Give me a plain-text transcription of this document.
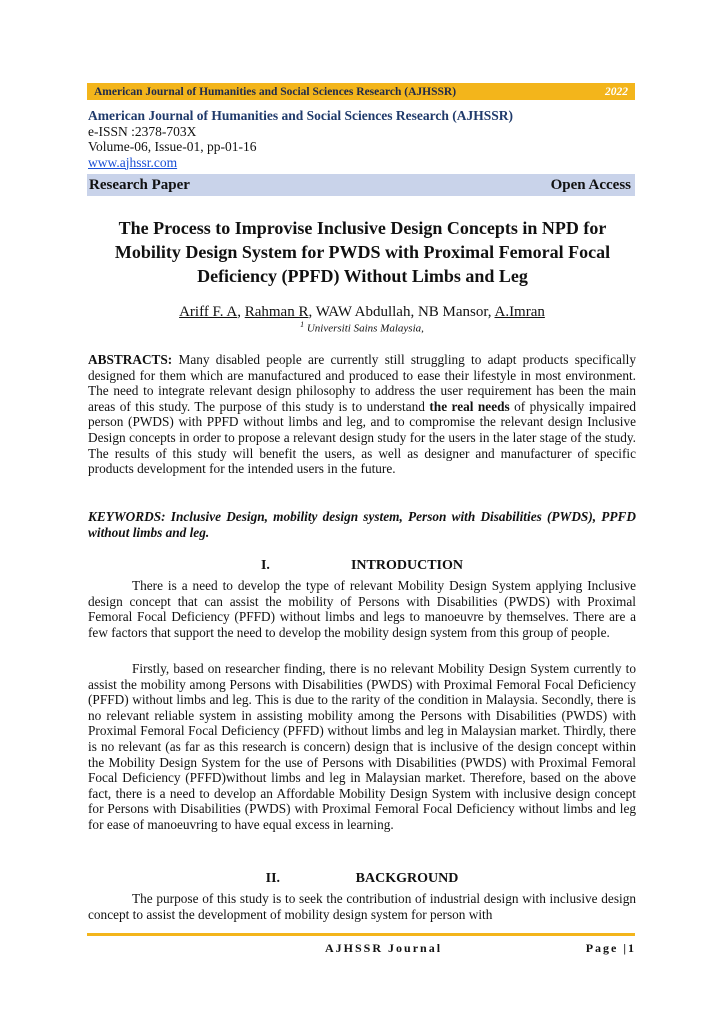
American Journal of Humanities and Social Sciences Research (AJHSSR)	2022
American Journal of Humanities and Social Sciences Research (AJHSSR)
e-ISSN :2378-703X
Volume-06, Issue-01, pp-01-16
www.ajhssr.com
Research Paper	Open Access
The Process to Improvise Inclusive Design Concepts in NPD for Mobility Design System for PWDS with Proximal Femoral Focal Deficiency (PPFD) Without Limbs and Leg
Ariff F. A, Rahman R, WAW Abdullah, NB Mansor, A.Imran
$^1$ Universiti Sains Malaysia,
ABSTRACTS: Many disabled people are currently still struggling to adapt products specifically designed for them which are manufactured and produced to ease their lifestyle in most environment. The need to integrate relevant design philosophy to address the user requirement has been the main areas of this study. The purpose of this study is to understand the real needs of physically impaired person (PWDS) with PPFD without limbs and leg, and to compromise the relevant design Inclusive Design concepts in order to propose a relevant design study for the users in the later stage of the study. The results of this study will benefit the users, as well as designer and manufacturer of specific products development for the intended users in the future.
KEYWORDS: Inclusive Design, mobility design system, Person with Disabilities (PWDS), PPFD without limbs and leg.
I.	INTRODUCTION
There is a need to develop the type of relevant Mobility Design System applying Inclusive design concept that can assist the mobility of Persons with Disabilities (PWDS) with Proximal Femoral Focal Deficiency (PFFD) without limbs and legs to manoeuvre by themselves. There are a few factors that support the need to develop the mobility design system from this group of people.
Firstly, based on researcher finding, there is no relevant Mobility Design System currently to assist the mobility among Persons with Disabilities (PWDS) with Proximal Femoral Focal Deficiency (PFFD) without limbs and leg. This is due to the rarity of the condition in Malaysia. Secondly, there is no relevant reliable system in assisting mobility among the Persons with Disabilities (PWDS) with Proximal Femoral Focal Deficiency (PFFD) without limbs and leg in Malaysian market. Thirdly, there is no relevant (as far as this research is concern) design that is inclusive of the design concept within the Mobility Design System for the use of Persons with Disabilities (PWDS) with Proximal Femoral Focal Deficiency (PFFD)without limbs and leg in Malaysian market. Therefore, based on the above fact, there is a need to develop an Affordable Mobility Design System with inclusive design concept for Persons with Disabilities (PWDS) with Proximal Femoral Focal Deficiency without limbs and leg for ease of manoeuvring to have equal excess in learning.
II.	BACKGROUND
The purpose of this study is to seek the contribution of industrial design with inclusive design concept to assist the development of mobility design system for person with
AJHSSR Journal	Page |1
